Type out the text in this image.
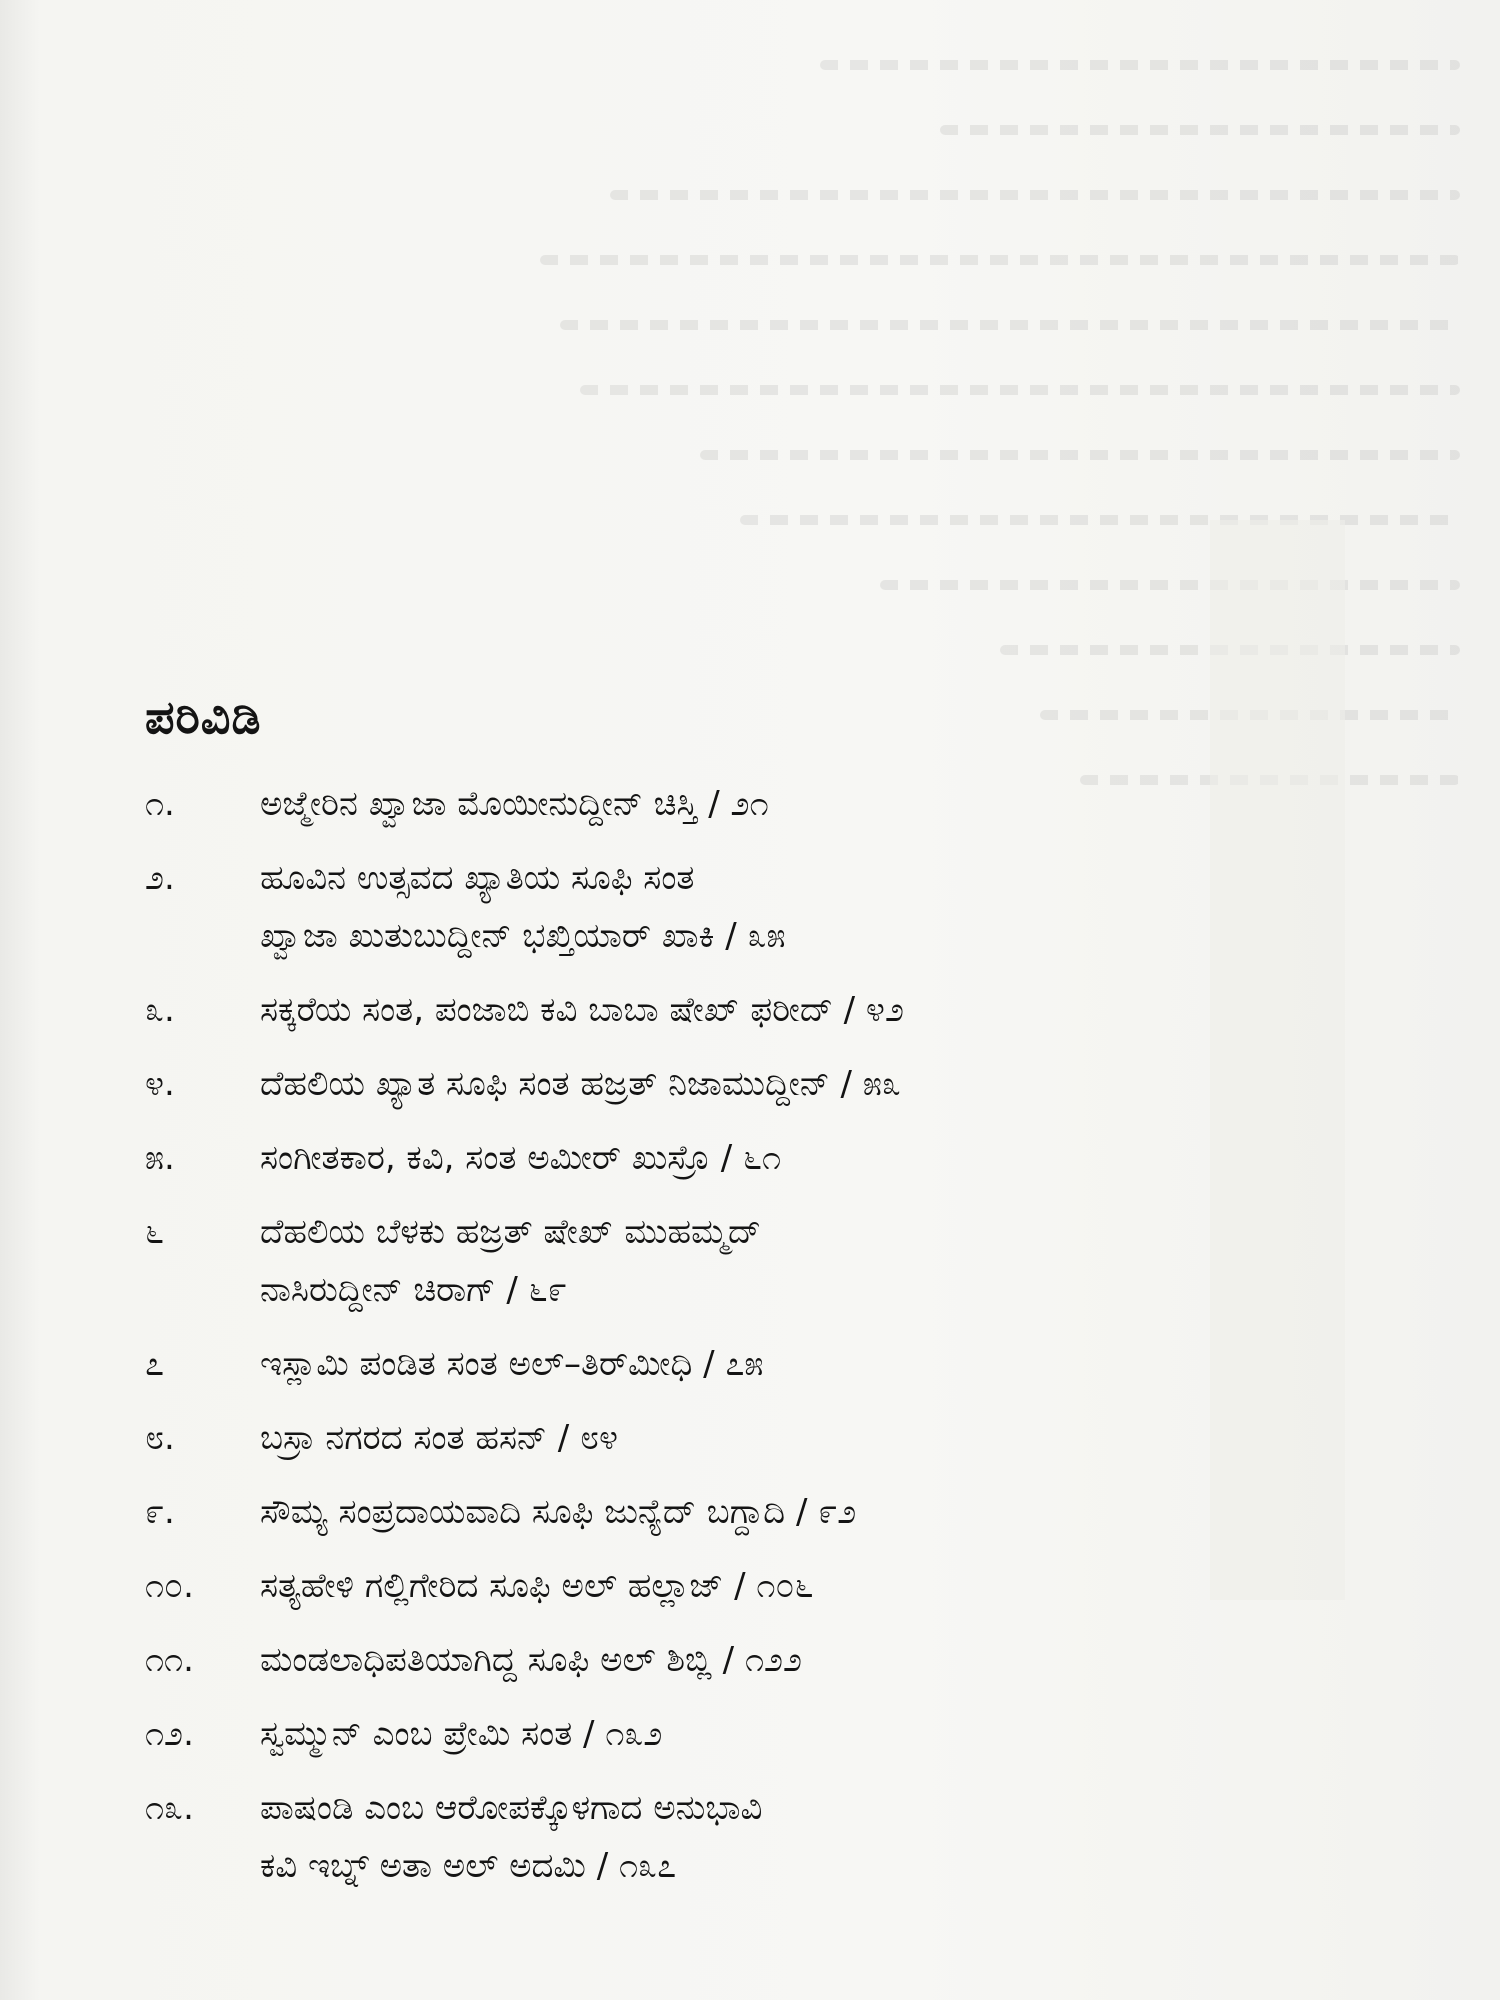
ಪರಿವಿಡಿ
೧.	ಅಜ್ಮೇರಿನ ಖ್ವಾಜಾ ಮೊಯೀನುದ್ದೀನ್ ಚಿಸ್ತಿ / ೨೧
೨.	ಹೂವಿನ ಉತ್ಸವದ ಖ್ಯಾತಿಯ ಸೂಫಿ ಸಂತ
ಖ್ವಾಜಾ ಖುತುಬುದ್ದೀನ್ ಭಖ್ತಿಯಾರ್ ಖಾಕಿ / ೩೫
೩.	ಸಕ್ಕರೆಯ ಸಂತ, ಪಂಜಾಬಿ ಕವಿ ಬಾಬಾ ಷೇಖ್ ಫರೀದ್ / ೪೨
೪.	ದೆಹಲಿಯ ಖ್ಯಾತ ಸೂಫಿ ಸಂತ ಹಜ್ರತ್ ನಿಜಾಮುದ್ದೀನ್ / ೫೩
೫.	ಸಂಗೀತಕಾರ, ಕವಿ, ಸಂತ ಅಮೀರ್ ಖುಸ್ರೊ / ೬೧
೬	ದೆಹಲಿಯ ಬೆಳಕು ಹಜ್ರತ್ ಷೇಖ್ ಮುಹಮ್ಮದ್
ನಾಸಿರುದ್ದೀನ್ ಚಿರಾಗ್ / ೬೯
೭	ಇಸ್ಲಾಮಿ ಪಂಡಿತ ಸಂತ ಅಲ್–ತಿರ್‌ಮೀಧಿ / ೭೫
೮.	ಬಸ್ರಾ ನಗರದ ಸಂತ ಹಸನ್ / ೮೪
೯.	ಸೌಮ್ಯ ಸಂಪ್ರದಾಯವಾದಿ ಸೂಫಿ ಜುನ್ಯೆದ್ ಬಗ್ದಾದಿ / ೯೨
೧೦.	ಸತ್ಯಹೇಳಿ ಗಲ್ಲಿಗೇರಿದ ಸೂಫಿ ಅಲ್ ಹಲ್ಲಾಜ್ / ೧೦೬
೧೧.	ಮಂಡಲಾಧಿಪತಿಯಾಗಿದ್ದ ಸೂಫಿ ಅಲ್ ಶಿಬ್ಲಿ / ೧೨೨
೧೨.	ಸ್ವಮ್ಮುನ್ ಎಂಬ ಪ್ರೇಮಿ ಸಂತ / ೧೩೨
೧೩.	ಪಾಷಂಡಿ ಎಂಬ ಆರೋಪಕ್ಕೊಳಗಾದ ಅನುಭಾವಿ
ಕವಿ ಇಬ್ನ್ ಅತಾ ಅಲ್ ಅದಮಿ / ೧೩೭
